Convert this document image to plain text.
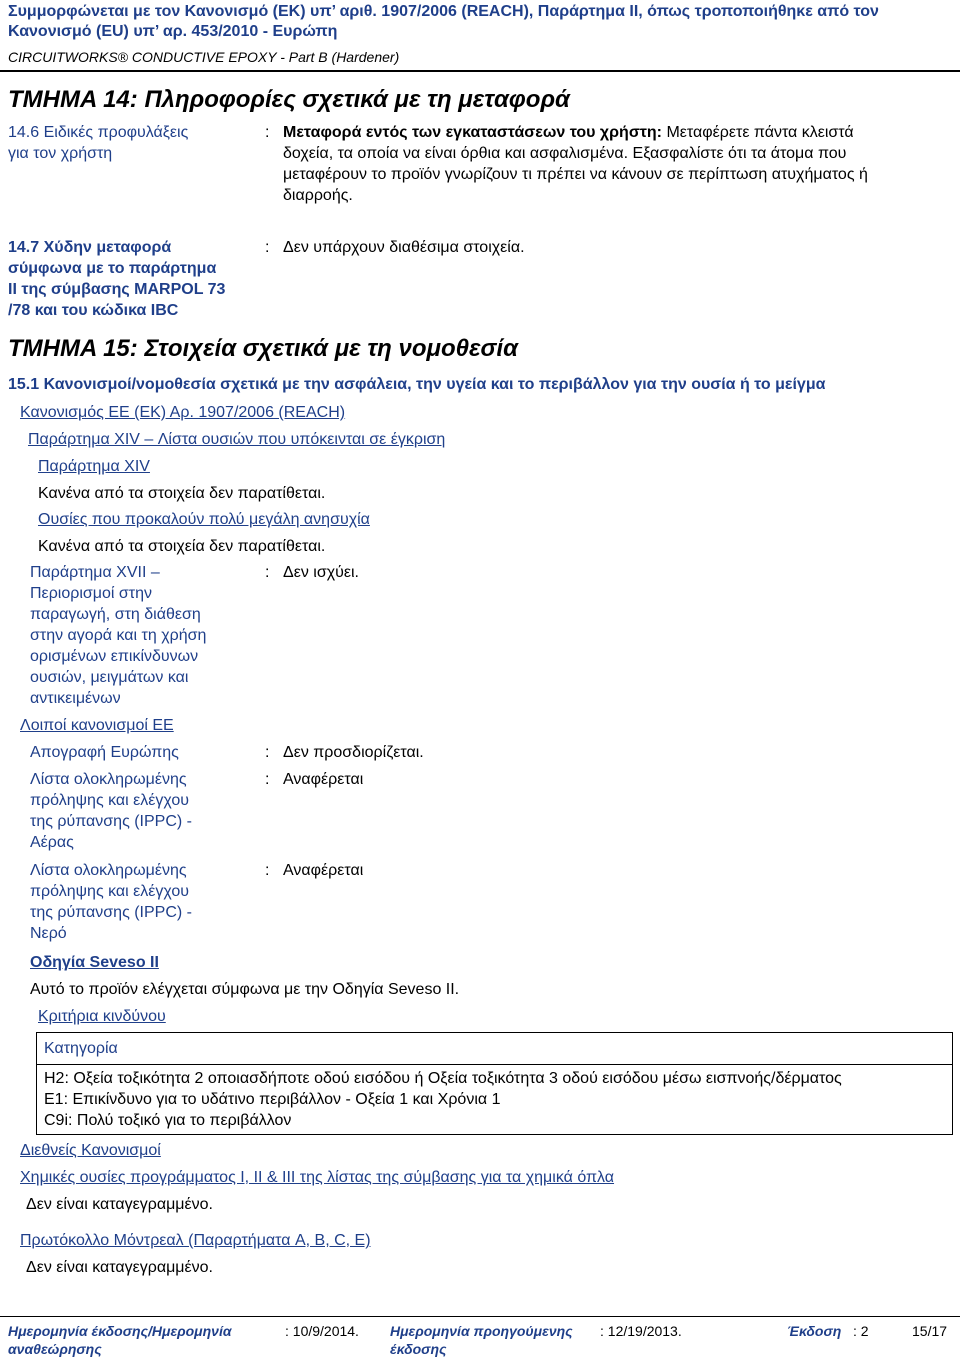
Συμμορφώνεται με τον Κανονισμό (ΕΚ) υπ’ αριθ. 1907/2006 (REACH), Παράρτημα II, όπως τροποποιήθηκε από τον Κανονισμό (ΕU) υπ’ αρ. 453/2010 - Ευρώπη
CIRCUITWORKS® CONDUCTIVE EPOXY - Part B (Hardener)
ΤΜΗΜΑ 14: Πληροφορίες σχετικά με τη μεταφορά
14.6 Ειδικές προφυλάξεις
για τον χρήστη
: Μεταφορά εντός των εγκαταστάσεων του χρήστη: Μεταφέρετε πάντα κλειστά
δοχεία, τα οποία να είναι όρθια και ασφαλισμένα. Εξασφαλίστε ότι τα άτομα που
μεταφέρουν το προϊόν γνωρίζουν τι πρέπει να κάνουν σε περίπτωση ατυχήματος ή
διαρροής.
14.7 Χύδην μεταφορά
σύμφωνα με το παράρτημα
II της σύμβασης MARPOL 73
/78 και του κώδικα IBC
: Δεν υπάρχουν διαθέσιμα στοιχεία.
ΤΜΗΜΑ 15: Στοιχεία σχετικά με τη νομοθεσία
15.1 Κανονισμοί/νομοθεσία σχετικά με την ασφάλεια, την υγεία και το περιβάλλον για την ουσία ή το μείγμα
Κανονισμός ΕΕ (ΕΚ) Αρ. 1907/2006 (REACH)
Παράρτημα XIV – Λίστα ουσιών που υπόκεινται σε έγκριση
Παράρτημα XIV
Κανένα από τα στοιχεία δεν παρατίθεται.
Ουσίες που προκαλούν πολύ μεγάλη ανησυχία
Κανένα από τα στοιχεία δεν παρατίθεται.
Παράρτημα XVII –
Περιορισμοί στην
παραγωγή, στη διάθεση
στην αγορά και τη χρήση
ορισμένων επικίνδυνων
ουσιών, μειγμάτων και
αντικειμένων
: Δεν ισχύει.
Λοιποί κανονισμοί ΕΕ
Απογραφή Ευρώπης	: Δεν προσδιορίζεται.
Λίστα ολοκληρωμένης
πρόληψης και ελέγχου
της ρύπανσης (IPPC) -
Αέρας
: Αναφέρεται
Λίστα ολοκληρωμένης
πρόληψης και ελέγχου
της ρύπανσης (IPPC) -
Νερό
: Αναφέρεται
Οδηγία Seveso II
Αυτό το προϊόν ελέγχεται σύμφωνα με την Οδηγία Seveso II.
Κριτήρια κινδύνου
Κατηγορία
H2: Οξεία τοξικότητα 2 οποιασδήποτε οδού εισόδου ή Οξεία τοξικότητα 3 οδού εισόδου μέσω εισπνοής/δέρματος
E1: Επικίνδυνο για το υδάτινο περιβάλλον - Οξεία 1 και Χρόνια 1
C9i: Πολύ τοξικό για το περιβάλλον
Διεθνείς Κανονισμοί
Χημικές ουσίες προγράμματος I, II & III της λίστας της σύμβασης για τα χημικά όπλα
Δεν είναι καταγεγραμμένο.
Πρωτόκολλο Μόντρεαλ (Παραρτήματα A, B, C, E)
Δεν είναι καταγεγραμμένο.
Ημερομηνία έκδοσης/Ημερομηνία
αναθεώρησης
: 10/9/2014. Ημερομηνία προηγούμενης
έκδοσης
: 12/19/2013.	Έκδοση : 2	15/17
